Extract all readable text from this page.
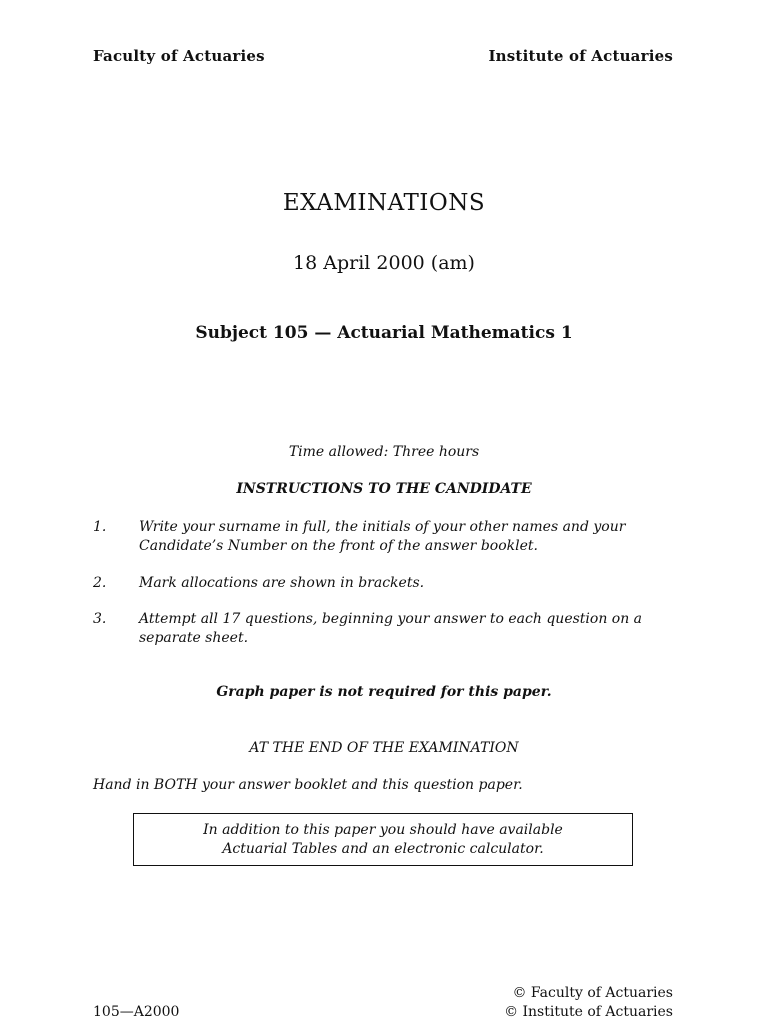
Faculty of Actuaries	Institute of Actuaries
EXAMINATIONS
18 April 2000 (am)
Subject 105 — Actuarial Mathematics 1
Time allowed: Three hours
INSTRUCTIONS TO THE CANDIDATE
1. Write your surname in full, the initials of your other names and your
Candidate’s Number on the front of the answer booklet.
2. Mark allocations are shown in brackets.
3. Attempt all 17 questions, beginning your answer to each question on a
separate sheet.
Graph paper is not required for this paper.
AT THE END OF THE EXAMINATION
Hand in BOTH your answer booklet and this question paper.
In addition to this paper you should have available
Actuarial Tables and an electronic calculator.
105—A2000
© Faculty of Actuaries
© Institute of Actuaries
